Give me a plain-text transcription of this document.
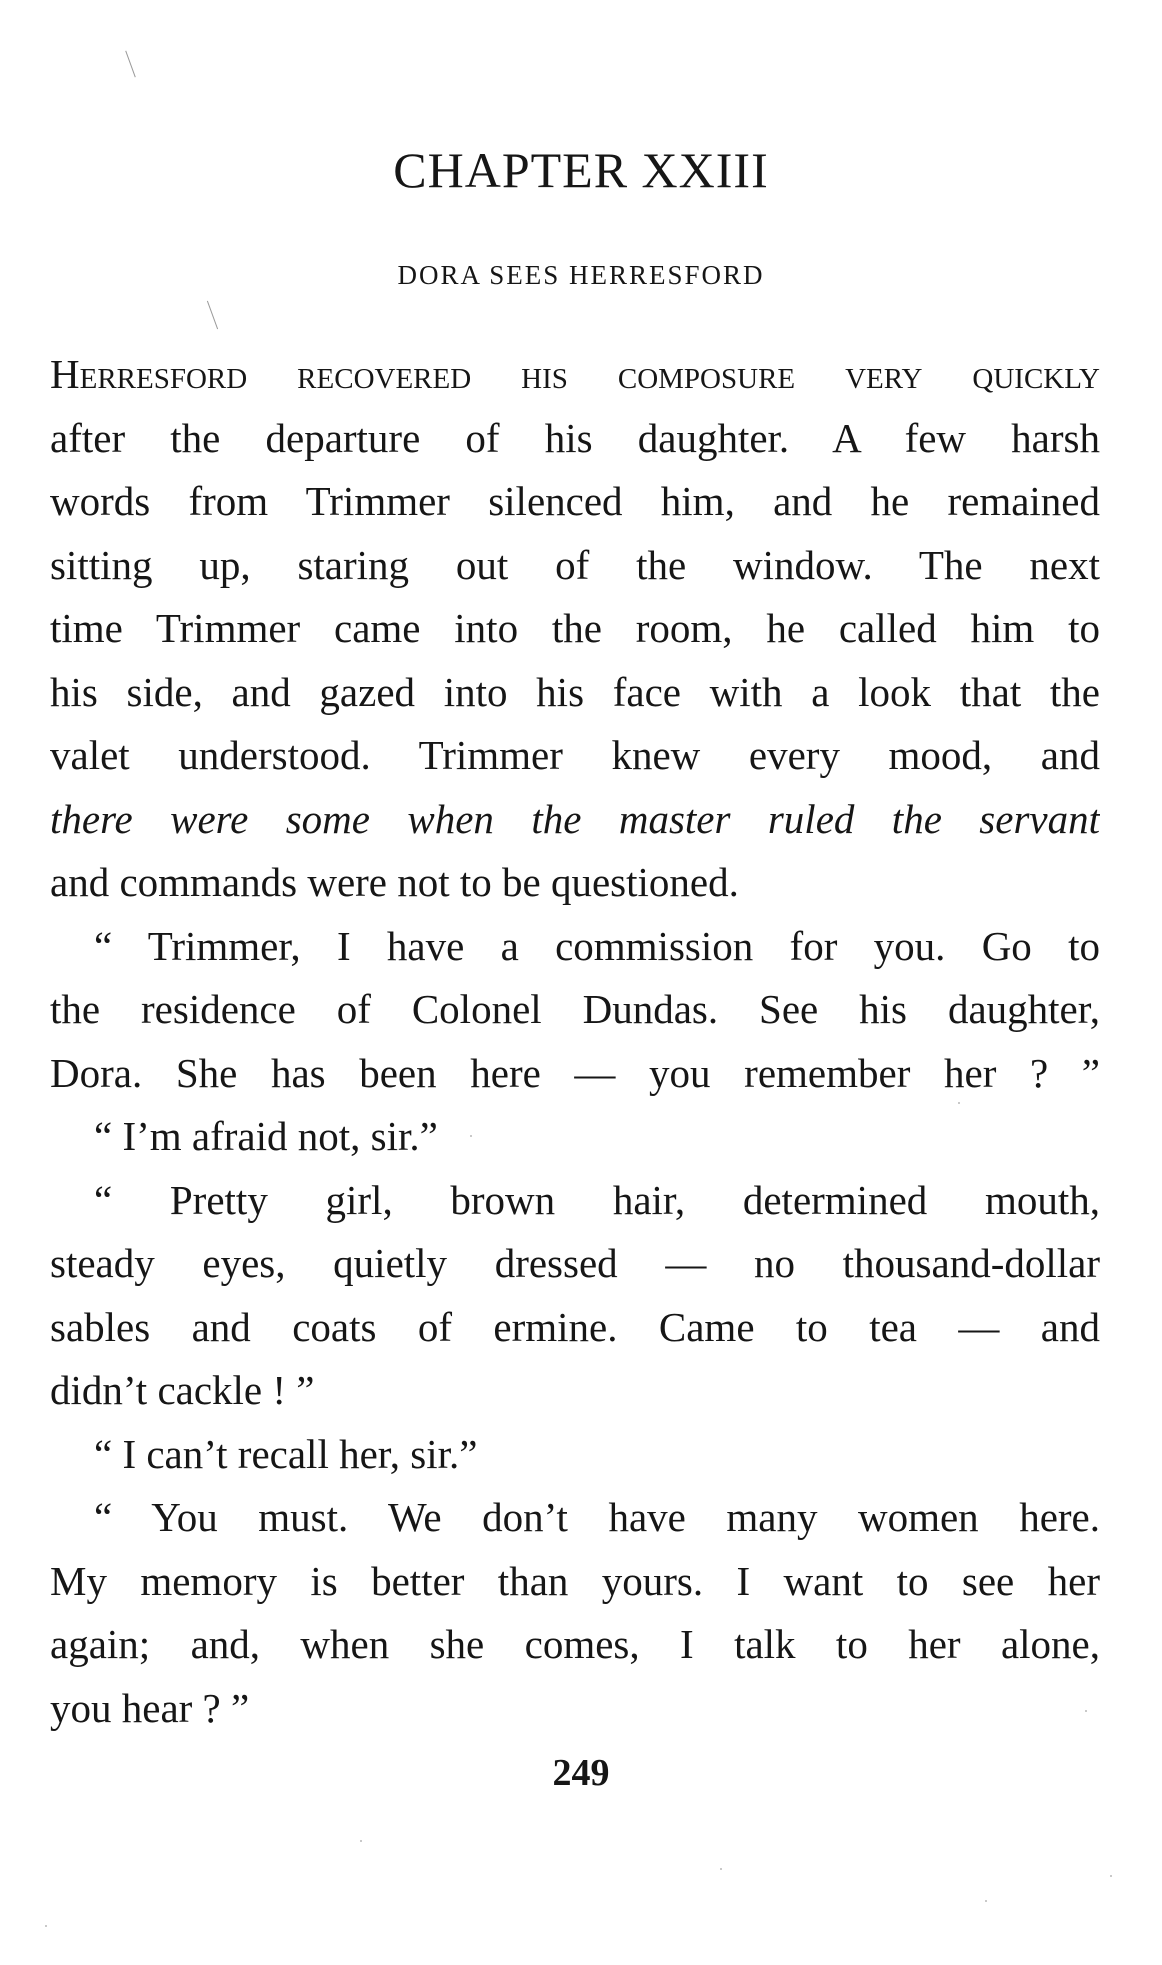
CHAPTER XXIII
DORA SEES HERRESFORD
Herresford recovered his composure very quickly
after the departure of his daughter. A few harsh
words from Trimmer silenced him, and he remained
sitting up, staring out of the window. The next
time Trimmer came into the room, he called him to
his side, and gazed into his face with a look that the
valet understood. Trimmer knew every mood, and
there were some when the master ruled the servant
and commands were not to be questioned.
“ Trimmer, I have a commission for you. Go to
the residence of Colonel Dundas. See his daughter,
Dora. She has been here — you remember her ? ”
“ I’m afraid not, sir.”
“ Pretty girl, brown hair, determined mouth,
steady eyes, quietly dressed — no thousand-dollar
sables and coats of ermine. Came to tea — and
didn’t cackle ! ”
“ I can’t recall her, sir.”
“ You must. We don’t have many women here.
My memory is better than yours. I want to see her
again; and, when she comes, I talk to her alone,
you hear ? ”
249
